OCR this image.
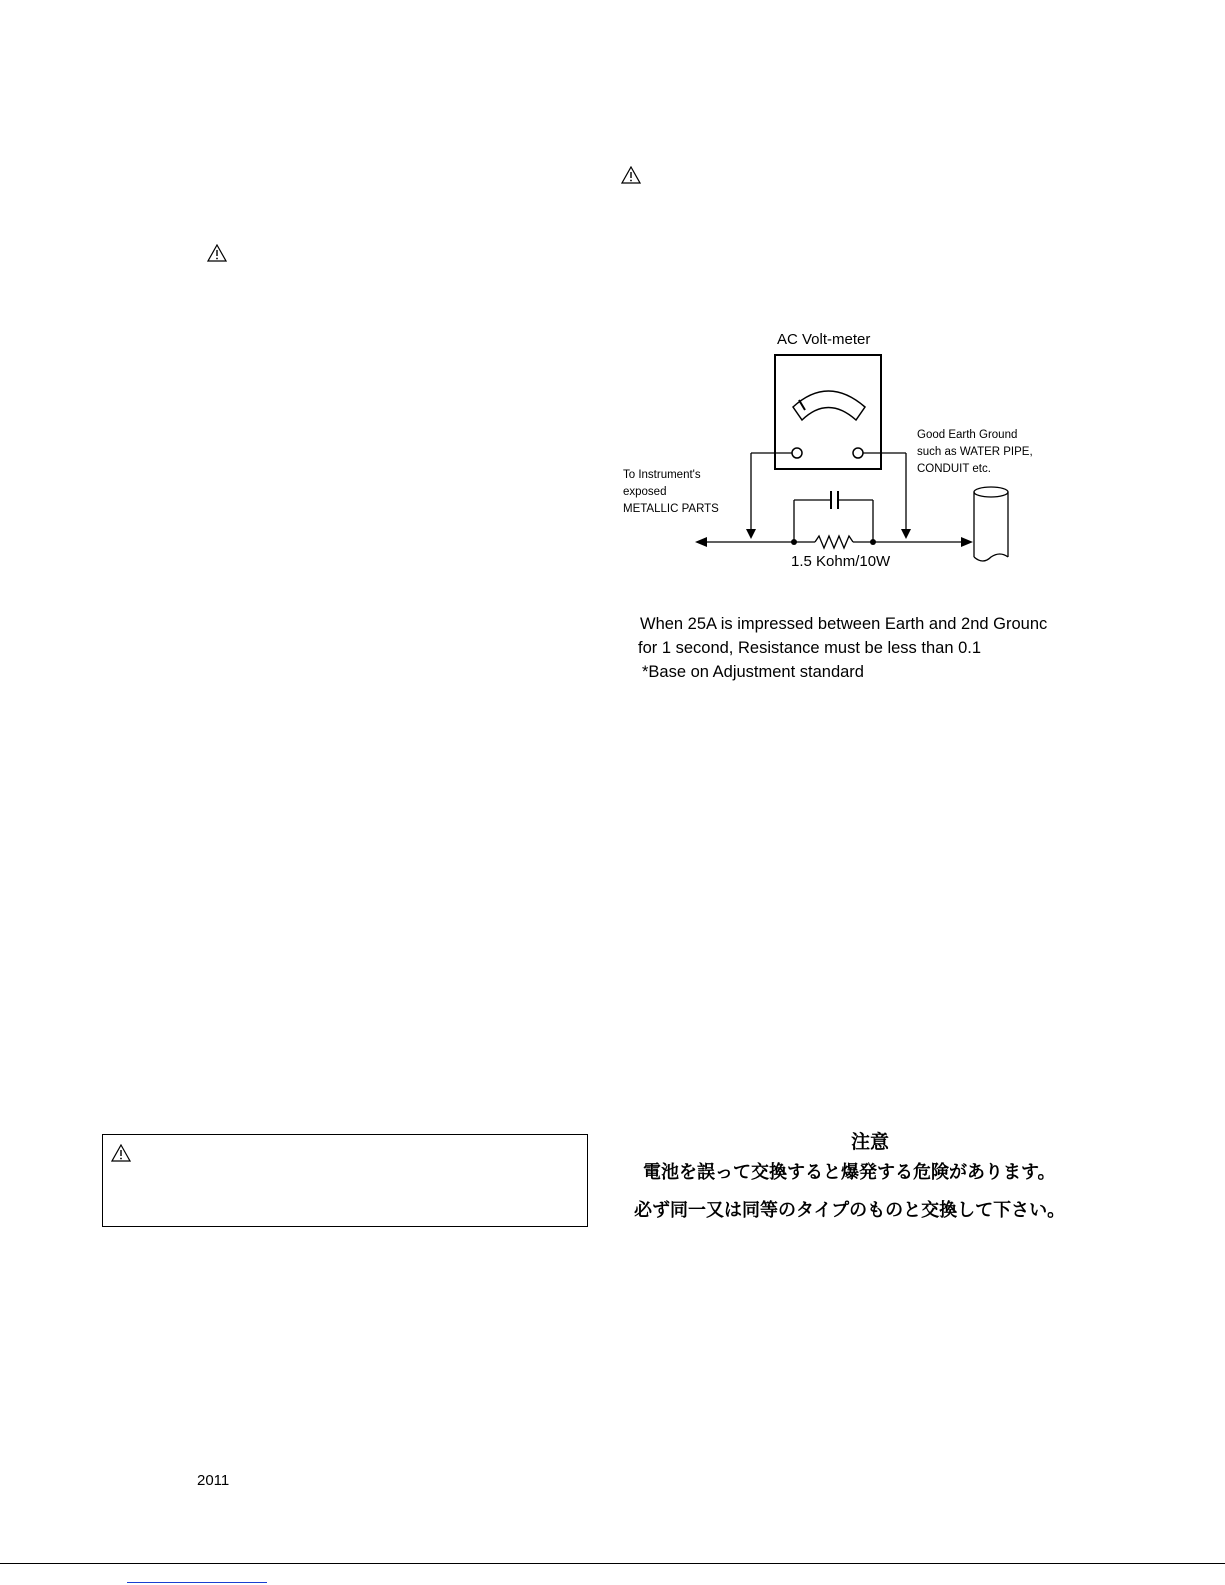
AC Volt-meter
To Instrument's
exposed
METALLIC PARTS
Good Earth Ground
such as WATER PIPE,
CONDUIT etc.
1.5 Kohm/10W
When 25A is impressed between Earth and 2nd Grounc
for 1 second, Resistance must be less than 0.1
*Base on Adjustment standard
注意
電池を誤って交換すると爆発する危険があります。
必ず同一又は同等のタイプのものと交換して下さい。
2011
